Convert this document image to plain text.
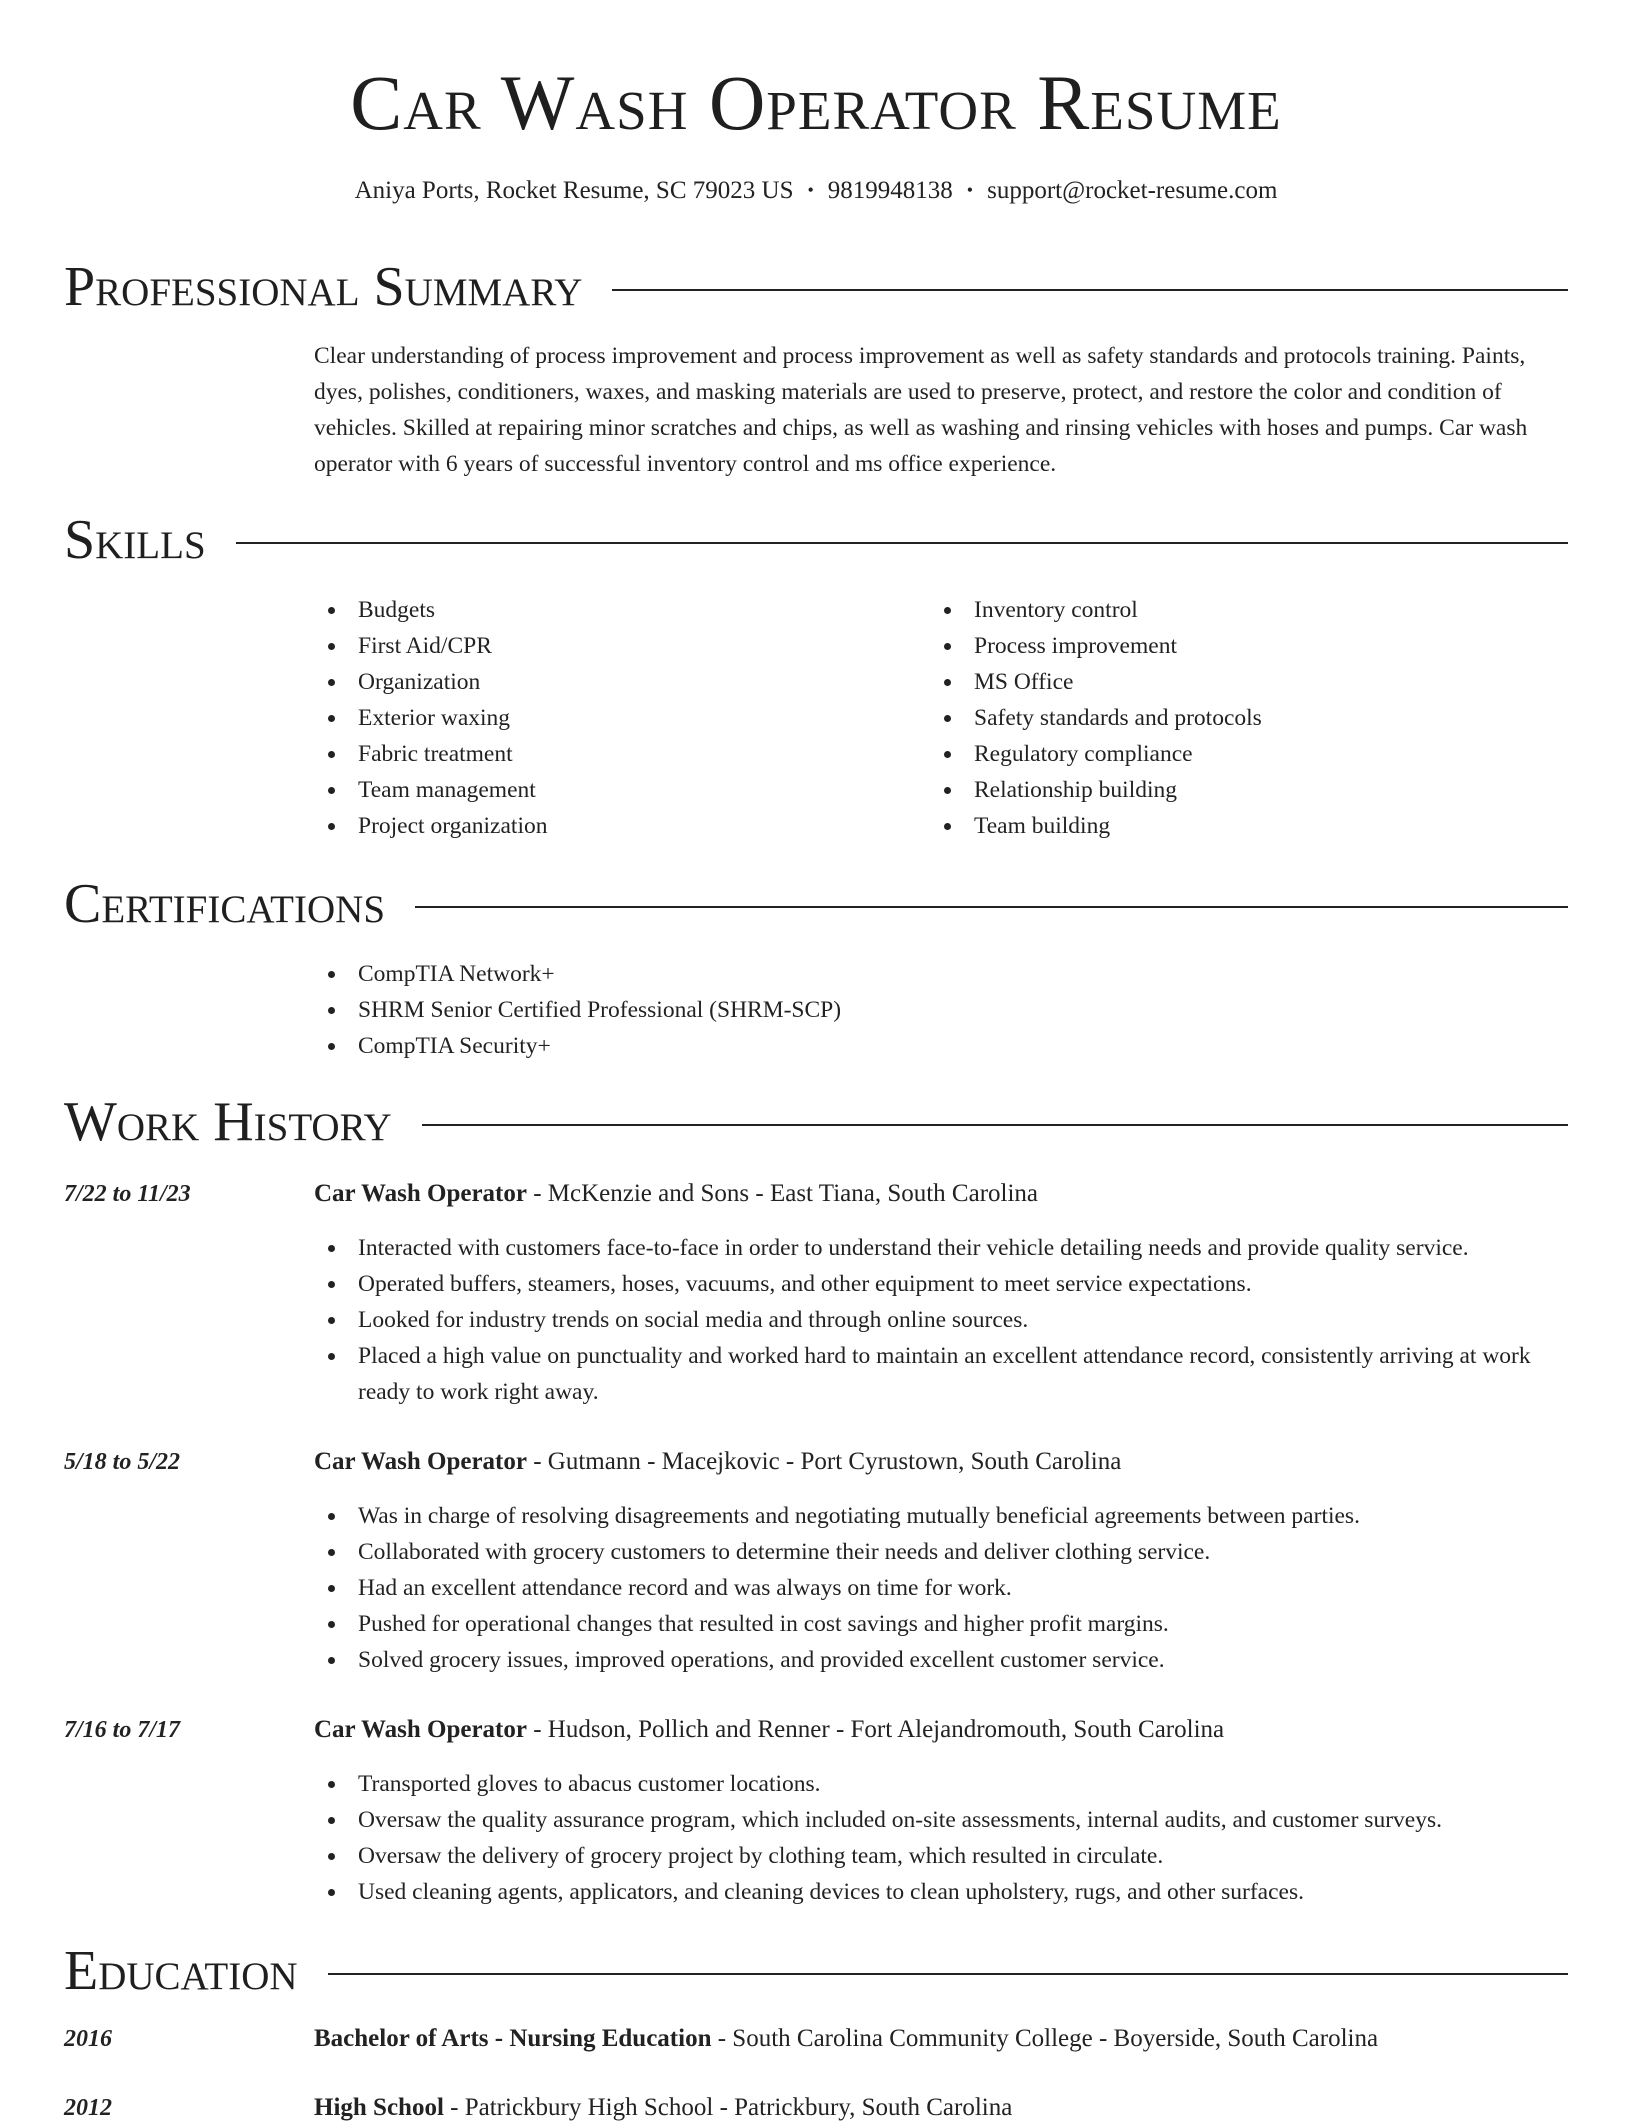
Car Wash Operator Resume
Aniya Ports, Rocket Resume, SC 79023 US • 9819948138 • support@rocket-resume.com
Professional Summary

Clear understanding of process improvement and process improvement as well as safety standards and protocols training. Paints, dyes, polishes, conditioners, waxes, and masking materials are used to preserve, protect, and restore the color and condition of vehicles. Skilled at repairing minor scratches and chips, as well as washing and rinsing vehicles with hoses and pumps. Car wash operator with 6 years of successful inventory control and ms office experience.

Skills
Budgets
First Aid/CPR
Organization
Exterior waxing
Fabric treatment
Team management
Project organization
Inventory control
Process improvement
MS Office
Safety standards and protocols
Regulatory compliance
Relationship building
Team building
Certifications
CompTIA Network+
SHRM Senior Certified Professional (SHRM-SCP)
CompTIA Security+
Work History
7/22 to 11/23	Car Wash Operator - McKenzie and Sons - East Tiana, South Carolina
Interacted with customers face-to-face in order to understand their vehicle detailing needs and provide quality service.
Operated buffers, steamers, hoses, vacuums, and other equipment to meet service expectations.
Looked for industry trends on social media and through online sources.
Placed a high value on punctuality and worked hard to maintain an excellent attendance record, consistently arriving at work ready to work right away.
5/18 to 5/22	Car Wash Operator - Gutmann - Macejkovic - Port Cyrustown, South Carolina
Was in charge of resolving disagreements and negotiating mutually beneficial agreements between parties.
Collaborated with grocery customers to determine their needs and deliver clothing service.
Had an excellent attendance record and was always on time for work.
Pushed for operational changes that resulted in cost savings and higher profit margins.
Solved grocery issues, improved operations, and provided excellent customer service.
7/16 to 7/17	Car Wash Operator - Hudson, Pollich and Renner - Fort Alejandromouth, South Carolina
Transported gloves to abacus customer locations.
Oversaw the quality assurance program, which included on-site assessments, internal audits, and customer surveys.
Oversaw the delivery of grocery project by clothing team, which resulted in circulate.
Used cleaning agents, applicators, and cleaning devices to clean upholstery, rugs, and other surfaces.
Education
2016	Bachelor of Arts - Nursing Education - South Carolina Community College - Boyerside, South Carolina
2012	High School - Patrickbury High School - Patrickbury, South Carolina
